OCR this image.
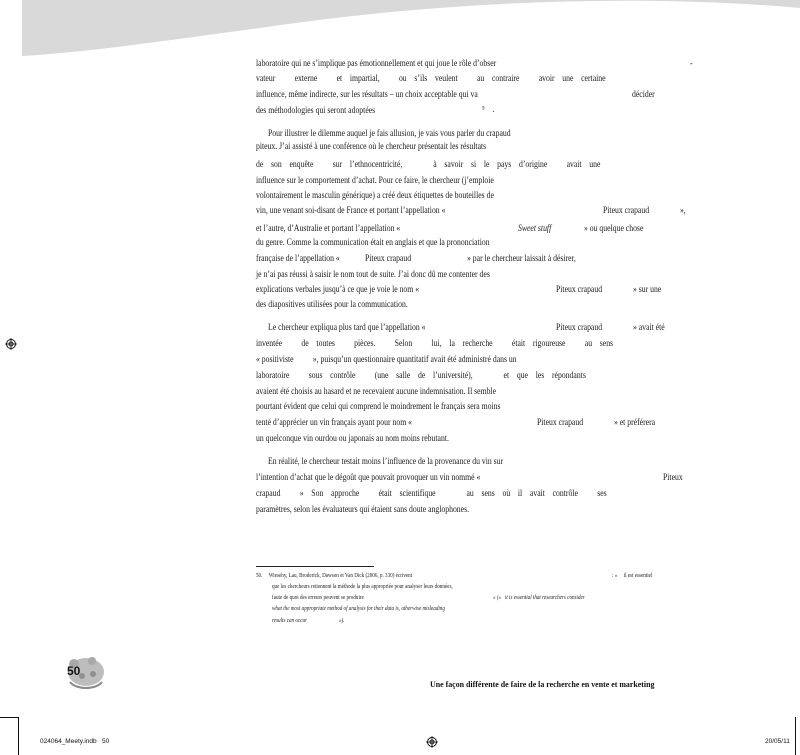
laboratoire qui ne s’implique pas émotionnellement et qui joue le rôle d’obser	-
vateur          externe          et    impartial,          ou    s’ils    veulent          au    contraire          avoir    une    certaine
influence, même indirecte, sur les résultats – un choix acceptable qui va	décider
des méthodologies qui seront adoptées	⁵    .
Pour illustrer le dilemme auquel je fais allusion, je vais vous parler du crapaud
piteux. J’ai assisté à une conférence où le chercheur présentait les résultats
de    son    enquête          sur    l’ethnocentricité,                à    savoir    si    le    pays    d’origine          avait    une
influence sur le comportement d’achat. Pour ce faire, le chercheur (j’emploie
volontairement le masculin générique) a créé deux étiquettes de bouteilles de
vin, une venant soi-disant de France et portant l’appellation «	Piteux crapaud                »,
et l’autre, d’Australie et portant l’appellation «	Sweet stuff	» ou quelque chose
du genre. Comme la communication était en anglais et que la prononciation
française de l’appellation «	Piteux crapaud	» par le chercheur laissait à désirer,
je n’ai pas réussi à saisir le nom tout de suite. J’ai donc dû me contenter des
explications verbales jusqu’à ce que je voie le nom «	Piteux crapaud                » sur une
des diapositives utilisées pour la communication.
Le chercheur expliqua plus tard que l’appellation «	Piteux crapaud                » avait été
inventée          de    toutes          pièces.          Selon          lui,    la    recherche          était    rigoureuse          au    sens
« positiviste          », puisqu’un questionnaire quantitatif avait été administré dans un
laboratoire          sous    contrôle          (une    salle    de    l’université),                et    que    les    répondants
avaient été choisis au hasard et ne recevaient aucune indemnisation. Il semble
pourtant évident que celui qui comprend le moindrement le français sera moins
tenté d’apprécier un vin français ayant pour nom «	Piteux crapaud                » et préférera
un quelconque vin ourdou ou japonais au nom moins rebutant.
En réalité, le chercheur testait moins l’influence de la provenance du vin sur
l’intention d’achat que le dégoût que pouvait provoquer un vin nommé «	Piteux
crapaud          »    Son    approche          était    scientifique                au    sens    où    il    avait    contrôle          ses
paramètres, selon les évaluateurs qui étaient sans doute anglophones.
50.     Wiesehy, Lau, Broderick, Dawson et Van Dick (2006, p. 330) écrivent	: «     il est essentiel
que les chercheurs retiennent la méthode la plus appropriée pour analyser leurs données,
faute de quoi des erreurs peuvent se produire	» («   it is essential that researchers consider
what the most appropriate method of analysis for their data is, otherwise misleading
results can occur                         »).
50
Une façon différente de faire de la recherche en vente et marketing
024064_Meety.indb   50	20/05/11
